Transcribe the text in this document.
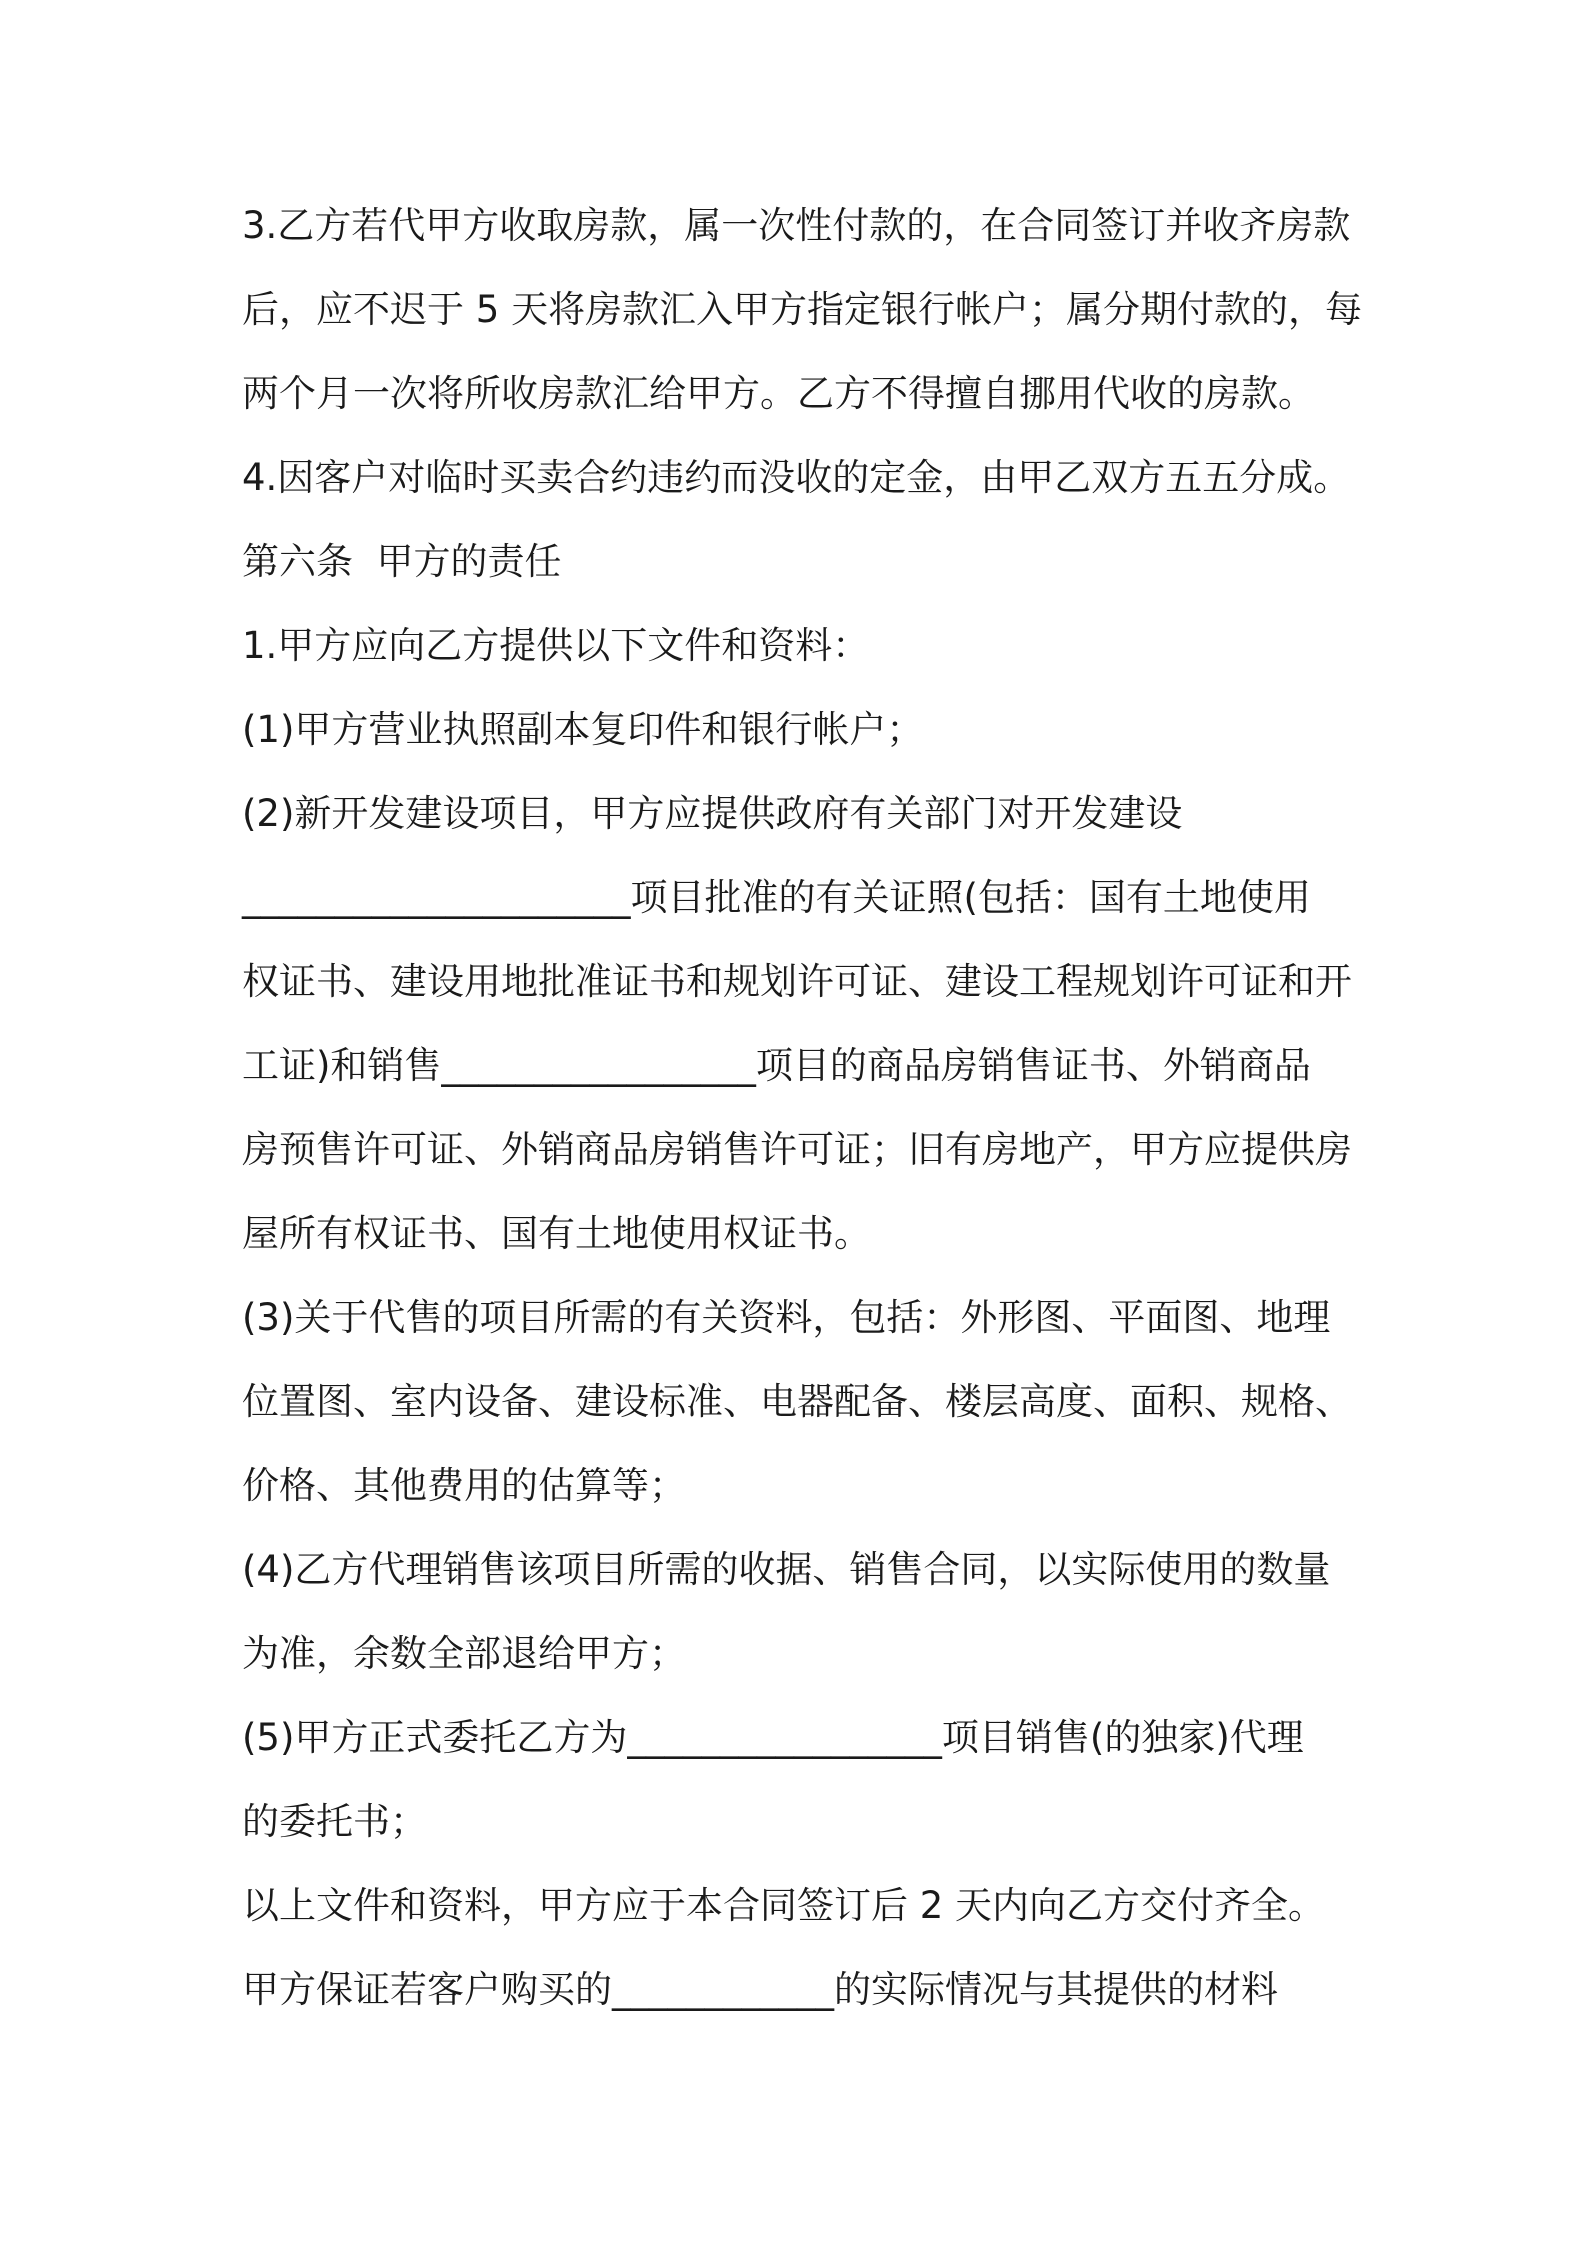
3.乙方若代甲方收取房款，属一次性付款的，在合同签订并收齐房款
后，应不迟于 5 天将房款汇入甲方指定银行帐户；属分期付款的，每
两个月一次将所收房款汇给甲方。乙方不得擅自挪用代收的房款。
4.因客户对临时买卖合约违约而没收的定金，由甲乙双方五五分成。
第六条  甲方的责任
1.甲方应向乙方提供以下文件和资料：
(1)甲方营业执照副本复印件和银行帐户；
(2)新开发建设项目，甲方应提供政府有关部门对开发建设
_____________________项目批准的有关证照(包括：国有土地使用
权证书、建设用地批准证书和规划许可证、建设工程规划许可证和开
工证)和销售_________________项目的商品房销售证书、外销商品
房预售许可证、外销商品房销售许可证；旧有房地产，甲方应提供房
屋所有权证书、国有土地使用权证书。
(3)关于代售的项目所需的有关资料，包括：外形图、平面图、地理
位置图、室内设备、建设标准、电器配备、楼层高度、面积、规格、
价格、其他费用的估算等；
(4)乙方代理销售该项目所需的收据、销售合同，以实际使用的数量
为准，余数全部退给甲方；
(5)甲方正式委托乙方为_________________项目销售(的独家)代理
的委托书；
以上文件和资料，甲方应于本合同签订后 2 天内向乙方交付齐全。
甲方保证若客户购买的____________的实际情况与其提供的材料
